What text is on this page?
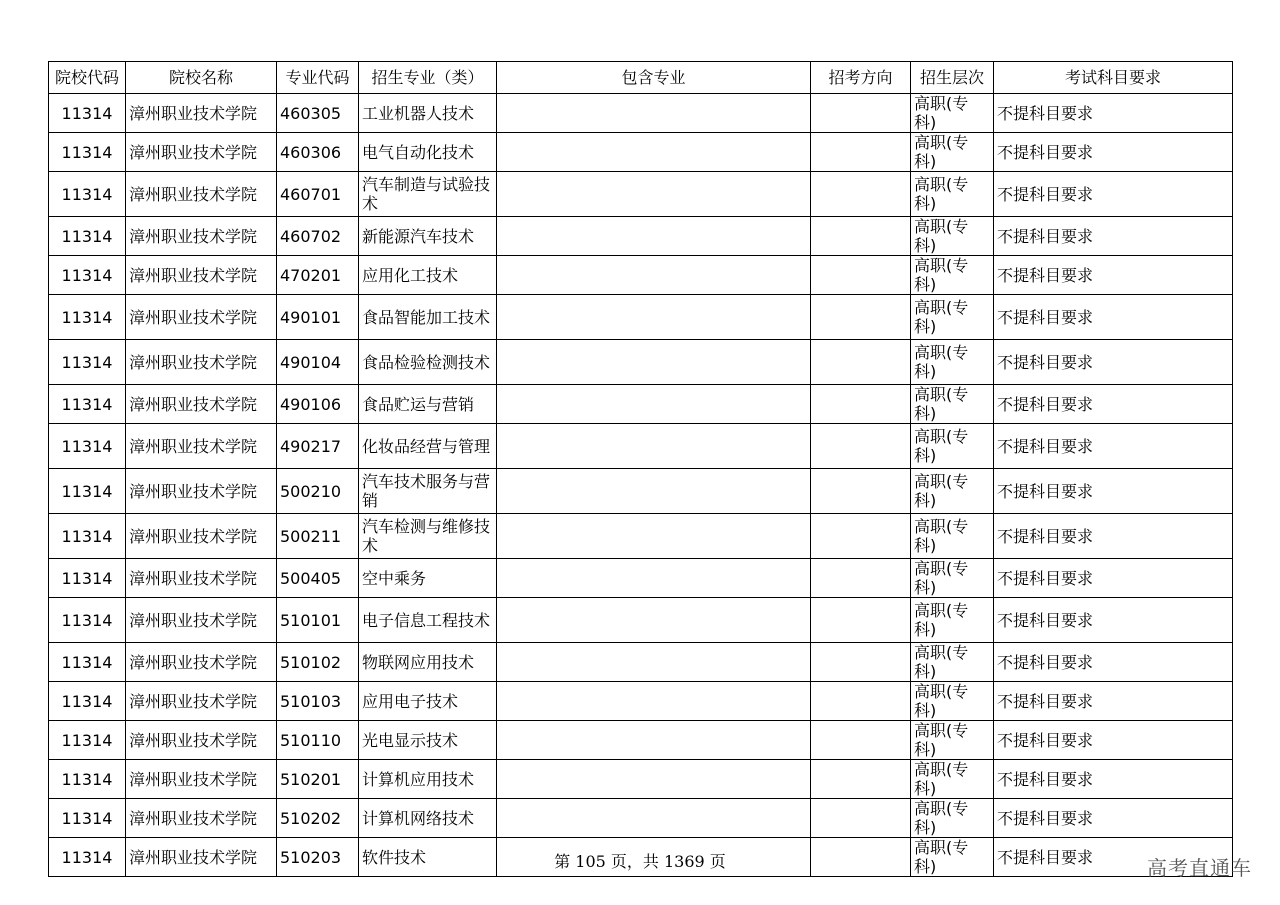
院校代码	院校名称	专业代码	招生专业（类）	包含专业	招考方向	招生层次	考试科目要求
11314	漳州职业技术学院	460305	工业机器人技术			高职(专科)	不提科目要求
11314	漳州职业技术学院	460306	电气自动化技术			高职(专科)	不提科目要求
11314	漳州职业技术学院	460701	汽车制造与试验技术			高职(专科)	不提科目要求
11314	漳州职业技术学院	460702	新能源汽车技术			高职(专科)	不提科目要求
11314	漳州职业技术学院	470201	应用化工技术			高职(专科)	不提科目要求
11314	漳州职业技术学院	490101	食品智能加工技术			高职(专科)	不提科目要求
11314	漳州职业技术学院	490104	食品检验检测技术			高职(专科)	不提科目要求
11314	漳州职业技术学院	490106	食品贮运与营销			高职(专科)	不提科目要求
11314	漳州职业技术学院	490217	化妆品经营与管理			高职(专科)	不提科目要求
11314	漳州职业技术学院	500210	汽车技术服务与营销			高职(专科)	不提科目要求
11314	漳州职业技术学院	500211	汽车检测与维修技术			高职(专科)	不提科目要求
11314	漳州职业技术学院	500405	空中乘务			高职(专科)	不提科目要求
11314	漳州职业技术学院	510101	电子信息工程技术			高职(专科)	不提科目要求
11314	漳州职业技术学院	510102	物联网应用技术			高职(专科)	不提科目要求
11314	漳州职业技术学院	510103	应用电子技术			高职(专科)	不提科目要求
11314	漳州职业技术学院	510110	光电显示技术			高职(专科)	不提科目要求
11314	漳州职业技术学院	510201	计算机应用技术			高职(专科)	不提科目要求
11314	漳州职业技术学院	510202	计算机网络技术			高职(专科)	不提科目要求
11314	漳州职业技术学院	510203	软件技术			高职(专科)	不提科目要求
第 105 页，共 1369 页	高考直通车
